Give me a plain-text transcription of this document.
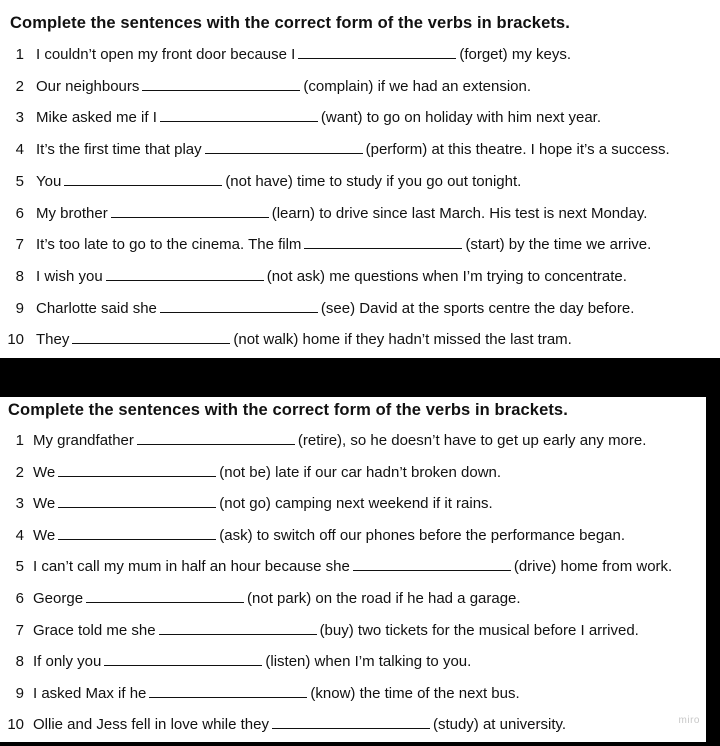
Complete the sentences with the correct form of the verbs in brackets.
1 I couldn’t open my front door because I	(forget) my keys.
2 Our neighbours	(complain) if we had an extension.
3 Mike asked me if I	(want) to go on holiday with him next year.
4 It’s the first time that play	(perform) at this theatre. I hope it’s a success.
5 You	(not have) time to study if you go out tonight.
6 My brother	(learn) to drive since last March. His test is next Monday.
7 It’s too late to go to the cinema. The film	(start) by the time we arrive.
8 I wish you	(not ask) me questions when I’m trying to concentrate.
9 Charlotte said she	(see) David at the sports centre the day before.
10 They	(not walk) home if they hadn’t missed the last tram.
Complete the sentences with the correct form of the verbs in brackets.
1 My grandfather	(retire), so he doesn’t have to get up early any more.
2 We	(not be) late if our car hadn’t broken down.
3 We	(not go) camping next weekend if it rains.
4 We	(ask) to switch off our phones before the performance began.
5 I can’t call my mum in half an hour because she	(drive) home from work.
6 George	(not park) on the road if he had a garage.
7 Grace told me she	(buy) two tickets for the musical before I arrived.
8 If only you	(listen) when I’m talking to you.
9 I asked Max if he	(know) the time of the next bus.
10 Ollie and Jess fell in love while they	(study) at university.	miro
